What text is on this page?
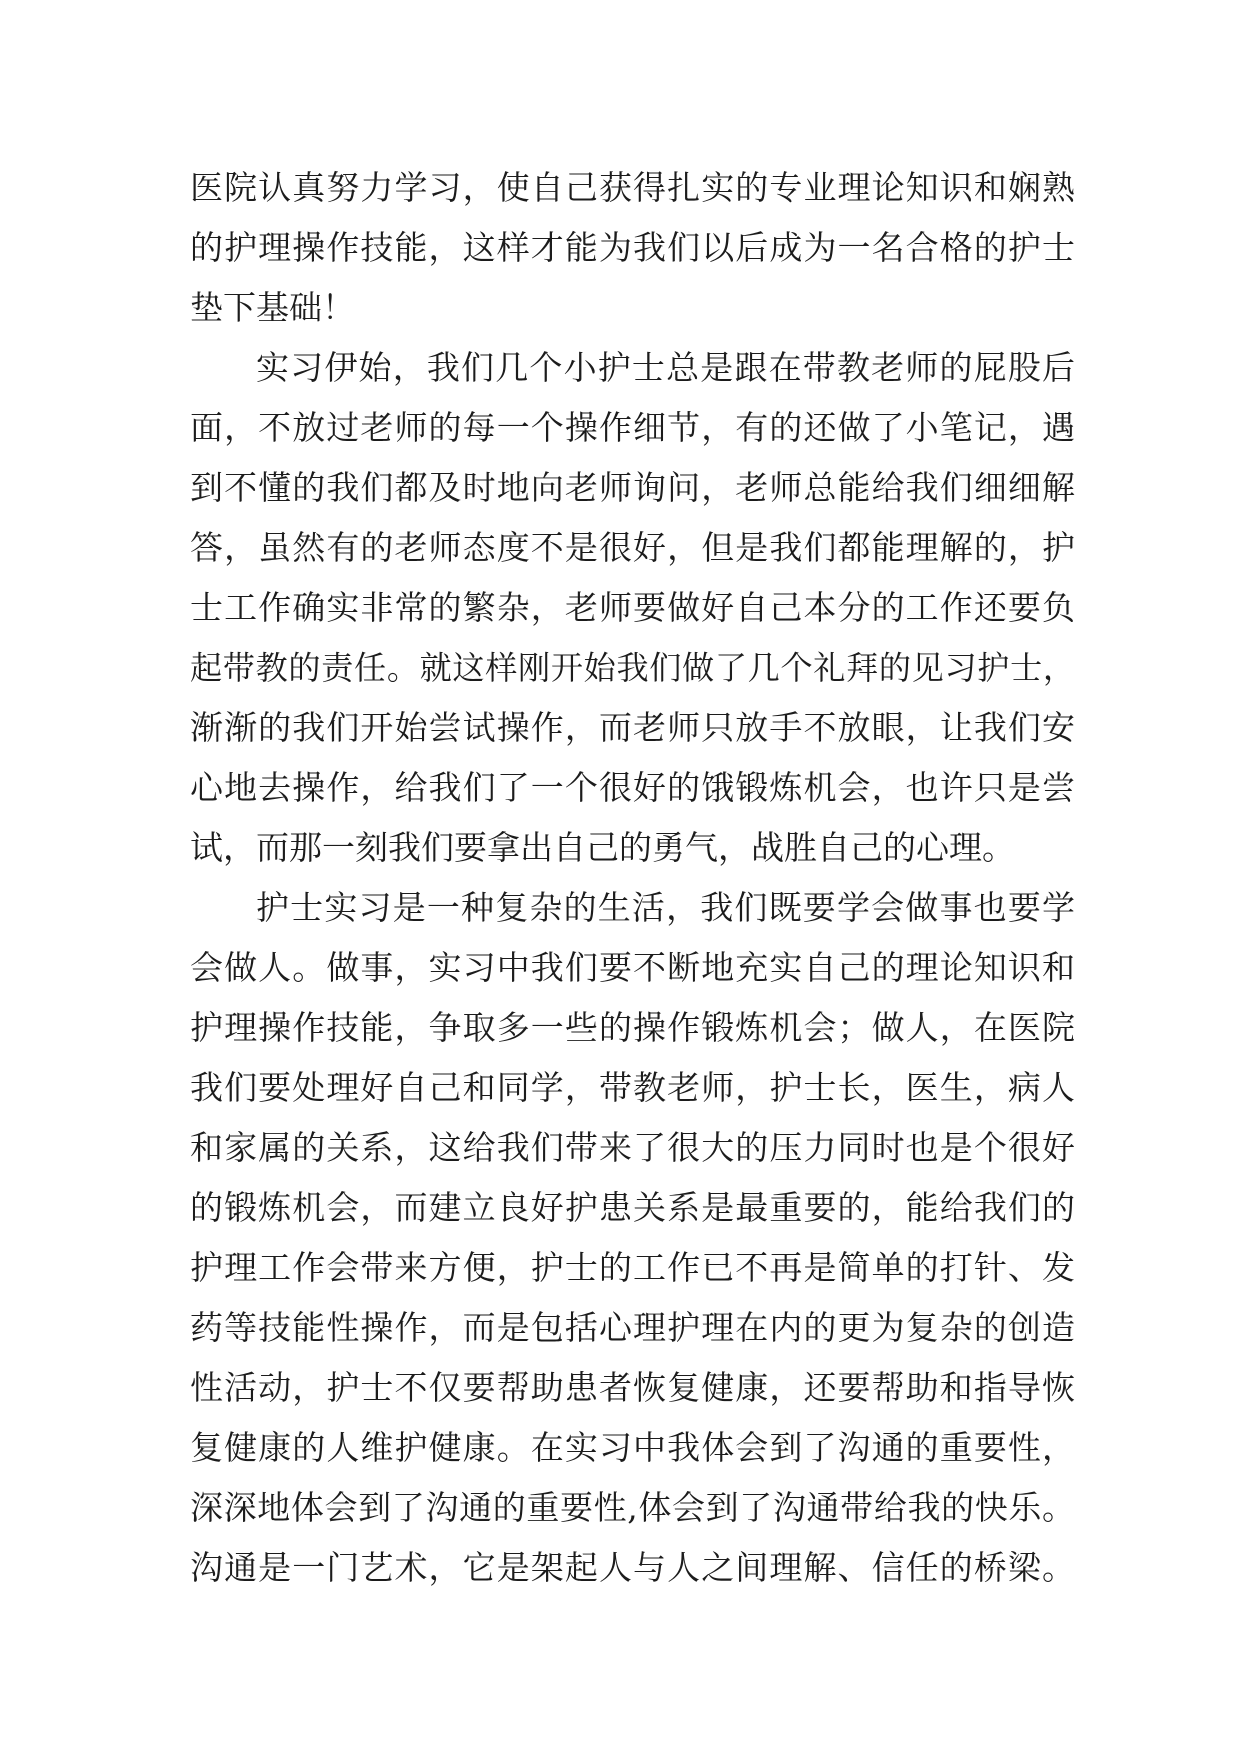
医院认真努力学习，使自己获得扎实的专业理论知识和娴熟
的护理操作技能，这样才能为我们以后成为一名合格的护士
垫下基础！
实习伊始，我们几个小护士总是跟在带教老师的屁股后
面，不放过老师的每一个操作细节，有的还做了小笔记，遇
到不懂的我们都及时地向老师询问，老师总能给我们细细解
答，虽然有的老师态度不是很好，但是我们都能理解的，护
士工作确实非常的繁杂，老师要做好自己本分的工作还要负
起带教的责任。就这样刚开始我们做了几个礼拜的见习护士，
渐渐的我们开始尝试操作，而老师只放手不放眼，让我们安
心地去操作，给我们了一个很好的饿锻炼机会，也许只是尝
试，而那一刻我们要拿出自己的勇气，战胜自己的心理。
护士实习是一种复杂的生活，我们既要学会做事也要学
会做人。做事，实习中我们要不断地充实自己的理论知识和
护理操作技能，争取多一些的操作锻炼机会；做人，在医院
我们要处理好自己和同学，带教老师，护士长，医生，病人
和家属的关系，这给我们带来了很大的压力同时也是个很好
的锻炼机会，而建立良好护患关系是最重要的，能给我们的
护理工作会带来方便，护士的工作已不再是简单的打针、发
药等技能性操作，而是包括心理护理在内的更为复杂的创造
性活动，护士不仅要帮助患者恢复健康，还要帮助和指导恢
复健康的人维护健康。在实习中我体会到了沟通的重要性，
深深地体会到了沟通的重要性,体会到了沟通带给我的快乐。
沟通是一门艺术，它是架起人与人之间理解、信任的桥梁。
